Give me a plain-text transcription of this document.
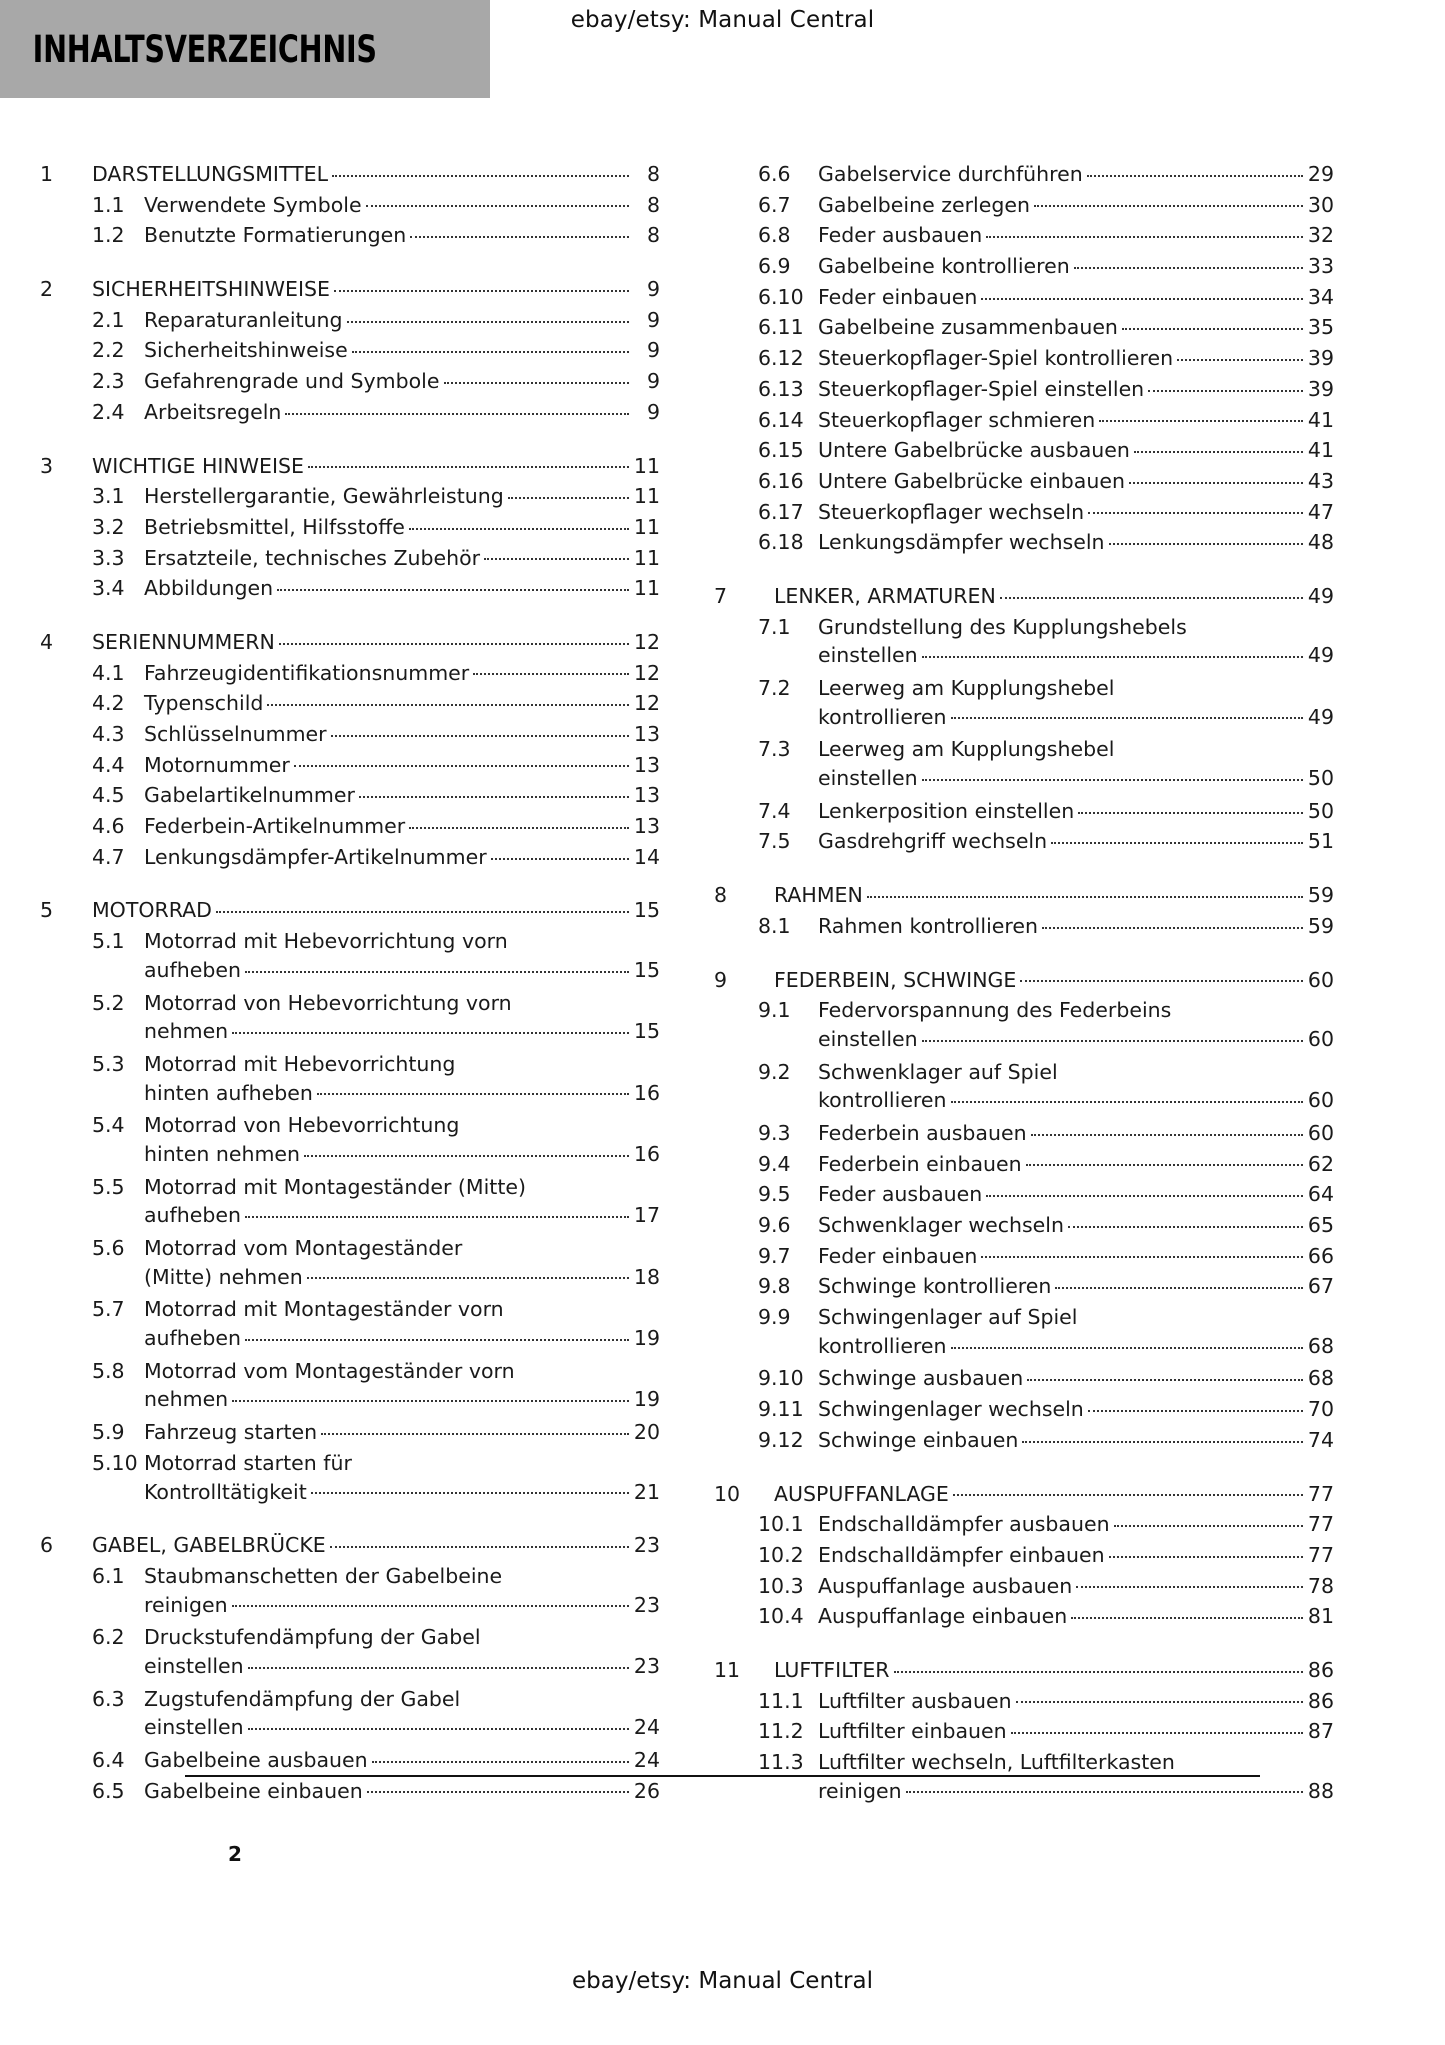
INHALTSVERZEICHNIS
ebay/etsy: Manual Central
1	DARSTELLUNGSMITTEL	8
1.1 Verwendete Symbole	8
1.2 Benutzte Formatierungen	8
2	SICHERHEITSHINWEISE	9
2.1 Reparaturanleitung	9
2.2 Sicherheitshinweise	9
2.3 Gefahrengrade und Symbole	9
2.4 Arbeitsregeln	9
3	WICHTIGE HINWEISE	11
3.1 Herstellergarantie, Gewährleistung	11
3.2 Betriebsmittel, Hilfsstoffe	11
3.3 Ersatzteile, technisches Zubehör	11
3.4 Abbildungen	11
4	SERIENNUMMERN	12
4.1 Fahrzeugidentifikationsnummer	12
4.2 Typenschild	12
4.3 Schlüsselnummer	13
4.4 Motornummer	13
4.5 Gabelartikelnummer	13
4.6 Federbein-Artikelnummer	13
4.7 Lenkungsdämpfer-Artikelnummer	14
5	MOTORRAD	15
5.1 Motorrad mit Hebevorrichtung vorn
aufheben	15
5.2 Motorrad von Hebevorrichtung vorn
nehmen	15
5.3 Motorrad mit Hebevorrichtung
hinten aufheben	16
5.4 Motorrad von Hebevorrichtung
hinten nehmen	16
5.5 Motorrad mit Montageständer (Mitte)
aufheben	17
5.6 Motorrad vom Montageständer
(Mitte) nehmen	18
5.7 Motorrad mit Montageständer vorn
aufheben	19
5.8 Motorrad vom Montageständer vorn
nehmen	19
5.9 Fahrzeug starten	20
5.10 Motorrad starten für
Kontrolltätigkeit	21
6	GABEL, GABELBRÜCKE	23
6.1 Staubmanschetten der Gabelbeine
reinigen	23
6.2 Druckstufendämpfung der Gabel
einstellen	23
6.3 Zugstufendämpfung der Gabel
einstellen	24
6.4 Gabelbeine ausbauen	24
6.5 Gabelbeine einbauen	26
6.6	Gabelservice durchführen	29
6.7	Gabelbeine zerlegen	30
6.8	Feder ausbauen	32
6.9	Gabelbeine kontrollieren	33
6.10 Feder einbauen	34
6.11 Gabelbeine zusammenbauen	35
6.12 Steuerkopflager-Spiel kontrollieren	39
6.13 Steuerkopflager-Spiel einstellen	39
6.14 Steuerkopflager schmieren	41
6.15 Untere Gabelbrücke ausbauen	41
6.16 Untere Gabelbrücke einbauen	43
6.17 Steuerkopflager wechseln	47
6.18 Lenkungsdämpfer wechseln	48
7	LENKER, ARMATUREN	49
7.1	Grundstellung des Kupplungshebels
einstellen	49
7.2	Leerweg am Kupplungshebel
kontrollieren	49
7.3	Leerweg am Kupplungshebel
einstellen	50
7.4	Lenkerposition einstellen	50
7.5	Gasdrehgriff wechseln	51
8	RAHMEN	59
8.1	Rahmen kontrollieren	59
9	FEDERBEIN, SCHWINGE	60
9.1	Federvorspannung des Federbeins
einstellen	60
9.2	Schwenklager auf Spiel
kontrollieren	60
9.3	Federbein ausbauen	60
9.4	Federbein einbauen	62
9.5	Feder ausbauen	64
9.6	Schwenklager wechseln	65
9.7	Feder einbauen	66
9.8	Schwinge kontrollieren	67
9.9	Schwingenlager auf Spiel
kontrollieren	68
9.10 Schwinge ausbauen	68
9.11 Schwingenlager wechseln	70
9.12 Schwinge einbauen	74
10	AUSPUFFANLAGE	77
10.1 Endschalldämpfer ausbauen	77
10.2 Endschalldämpfer einbauen	77
10.3 Auspuffanlage ausbauen	78
10.4 Auspuffanlage einbauen	81
11	LUFTFILTER	86
11.1 Luftfilter ausbauen	86
11.2 Luftfilter einbauen	87
11.3 Luftfilter wechseln, Luftfilterkasten
reinigen	88
2
ebay/etsy: Manual Central
